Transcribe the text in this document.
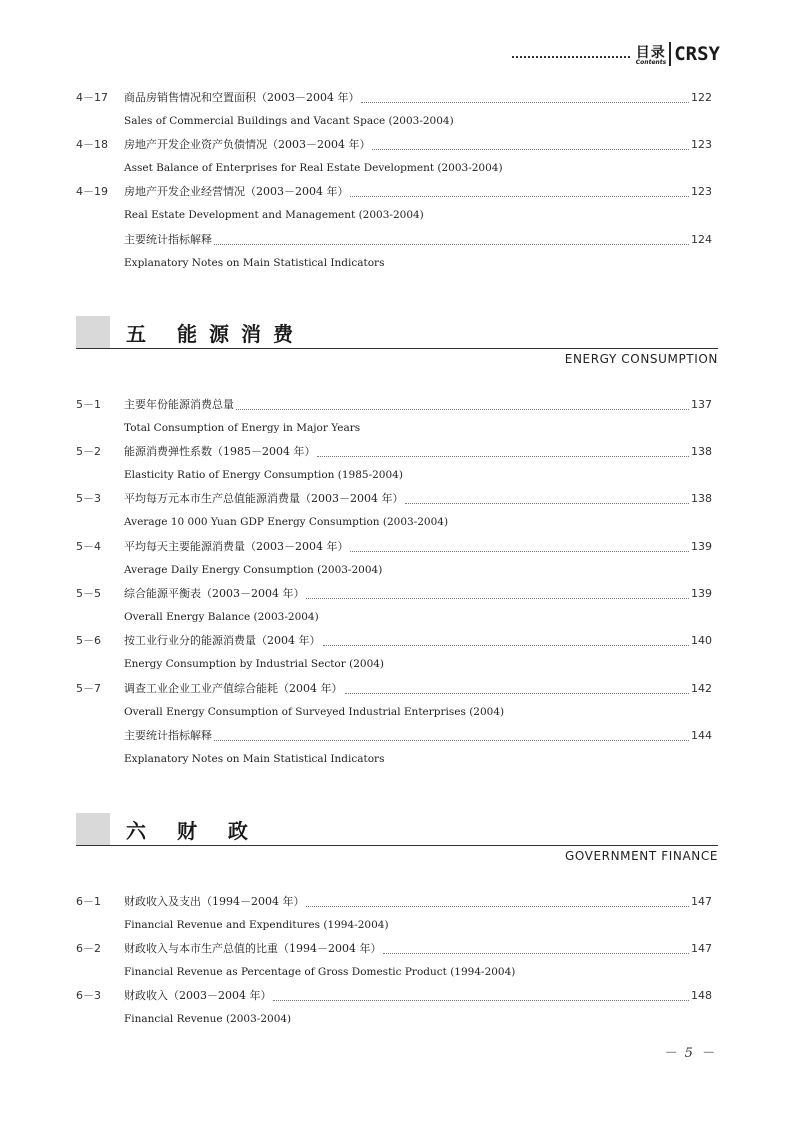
目录
Contents CRSY
4－17	商品房销售情况和空置面积（2003－2004 年）	122
Sales of Commercial Buildings and Vacant Space (2003-2004)
4－18	房地产开发企业资产负债情况（2003－2004 年）	123
Asset Balance of Enterprises for Real Estate Development (2003-2004)
4－19	房地产开发企业经营情况（2003－2004 年）	123
Real Estate Development and Management (2003-2004)
主要统计指标解释	124
Explanatory Notes on Main Statistical Indicators
五 能源消费
ENERGY CONSUMPTION
5－1	主要年份能源消费总量	137
Total Consumption of Energy in Major Years
5－2	能源消费弹性系数（1985－2004 年）	138
Elasticity Ratio of Energy Consumption (1985-2004)
5－3	平均每万元本市生产总值能源消费量（2003－2004 年）	138
Average 10 000 Yuan GDP Energy Consumption (2003-2004)
5－4	平均每天主要能源消费量（2003－2004 年）	139
Average Daily Energy Consumption (2003-2004)
5－5	综合能源平衡表（2003－2004 年）	139
Overall Energy Balance (2003-2004)
5－6	按工业行业分的能源消费量（2004 年）	140
Energy Consumption by Industrial Sector (2004)
5－7	调查工业企业工业产值综合能耗（2004 年）	142
Overall Energy Consumption of Surveyed Industrial Enterprises (2004)
主要统计指标解释	144
Explanatory Notes on Main Statistical Indicators
六 财 政
GOVERNMENT FINANCE
6－1	财政收入及支出（1994－2004 年）	147
Financial Revenue and Expenditures (1994-2004)
6－2	财政收入与本市生产总值的比重（1994－2004 年）	147
Financial Revenue as Percentage of Gross Domestic Product (1994-2004)
6－3	财政收入（2003－2004 年）	148
Financial Revenue (2003-2004)
－ 5 －
